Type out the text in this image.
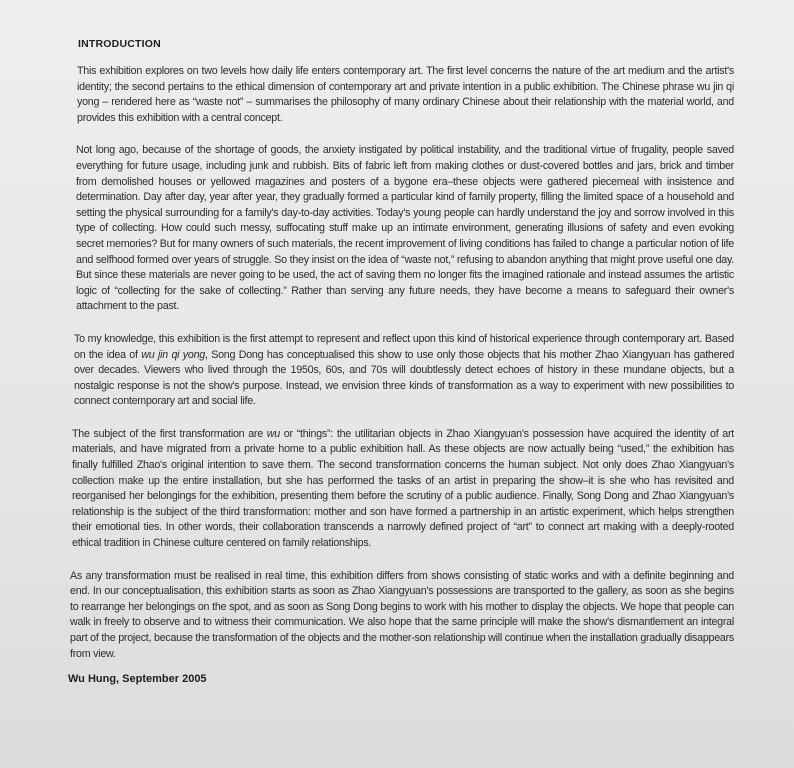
INTRODUCTION

This exhibition explores on two levels how daily life enters contemporary art. The first level concerns the nature of the art medium and the artist's identity; the second pertains to the ethical dimension of contemporary art and private intention in a public exhibition. The Chinese phrase wu jin qi yong – rendered here as “waste not” – summarises the philosophy of many ordinary Chinese about their relationship with the material world, and provides this exhibition with a central concept.

Not long ago, because of the shortage of goods, the anxiety instigated by political instability, and the traditional virtue of frugality, people saved everything for future usage, including junk and rubbish. Bits of fabric left from making clothes or dust-covered bottles and jars, brick and timber from demolished houses or yellowed magazines and posters of a bygone era–these objects were gathered piecemeal with insistence and determination. Day after day, year after year, they gradually formed a particular kind of family property, filling the limited space of a household and setting the physical surrounding for a family's day-to-day activities. Today's young people can hardly understand the joy and sorrow involved in this type of collecting. How could such messy, suffocating stuff make up an intimate environment, generating illusions of safety and even evoking secret memories? But for many owners of such materials, the recent improvement of living conditions has failed to change a particular notion of life and selfhood formed over years of struggle. So they insist on the idea of “waste not,” refusing to abandon anything that might prove useful one day. But since these materials are never going to be used, the act of saving them no longer fits the imagined rationale and instead assumes the artistic logic of “collecting for the sake of collecting.” Rather than serving any future needs, they have become a means to safeguard their owner's attachment to the past.

To my knowledge, this exhibition is the first attempt to represent and reflect upon this kind of historical experience through contemporary art. Based on the idea of wu jin qi yong, Song Dong has conceptualised this show to use only those objects that his mother Zhao Xiangyuan has gathered over decades. Viewers who lived through the 1950s, 60s, and 70s will doubtlessly detect echoes of history in these mundane objects, but a nostalgic response is not the show's purpose. Instead, we envision three kinds of transformation as a way to experiment with new possibilities to connect contemporary art and social life.

The subject of the first transformation are wu or “things”: the utilitarian objects in Zhao Xiangyuan's possession have acquired the identity of art materials, and have migrated from a private home to a public exhibition hall. As these objects are now actually being “used,” the exhibition has finally fulfilled Zhao's original intention to save them. The second transformation concerns the human subject. Not only does Zhao Xiangyuan's collection make up the entire installation, but she has performed the tasks of an artist in preparing the show–it is she who has revisited and reorganised her belongings for the exhibition, presenting them before the scrutiny of a public audience. Finally, Song Dong and Zhao Xiangyuan's relationship is the subject of the third transformation: mother and son have formed a partnership in an artistic experiment, which helps strengthen their emotional ties. In other words, their collaboration transcends a narrowly defined project of “art” to connect art making with a deeply-rooted ethical tradition in Chinese culture centered on family relationships.

As any transformation must be realised in real time, this exhibition differs from shows consisting of static works and with a definite beginning and end. In our conceptualisation, this exhibition starts as soon as Zhao Xiangyuan's possessions are transported to the gallery, as soon as she begins to rearrange her belongings on the spot, and as soon as Song Dong begins to work with his mother to display the objects. We hope that people can walk in freely to observe and to witness their communication. We also hope that the same principle will make the show's dismantlement an integral part of the project, because the transformation of the objects and the mother-son relationship will continue when the installation gradually disappears from view.

Wu Hung, September 2005
